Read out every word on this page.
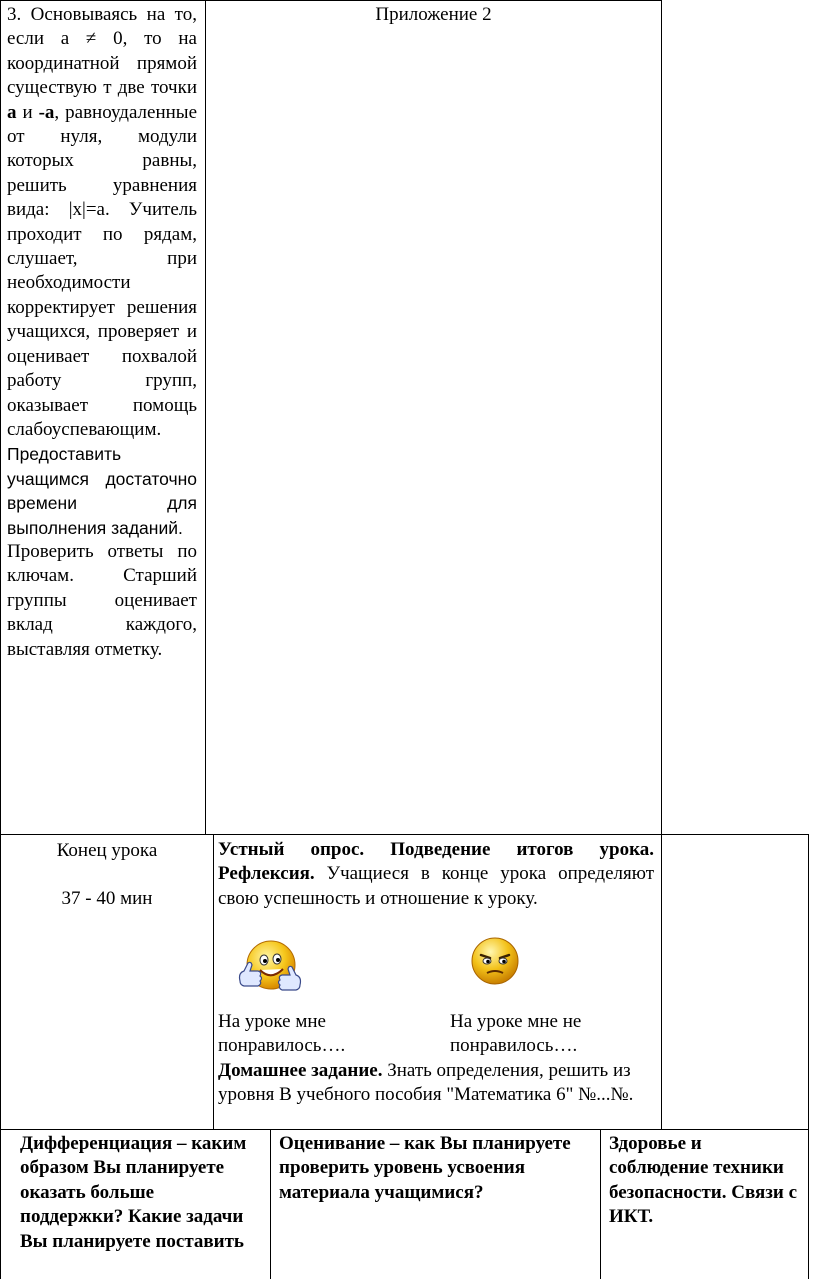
3. Основываясь на то, если a ≠ 0, то на координатной прямой существую т две точки а и -а, равноудаленные от нуля, модули которых равны, решить уравнения вида: |x|=a. Учитель проходит по рядам, слушает, при необходимости корректирует решения учащихся, проверяет и оценивает похвалой работу групп, оказывает помощь слабоуспевающим.
Предоставить учащимся достаточно времени для выполнения заданий.
Проверить ответы по ключам. Старший группы оценивает вклад каждого, выставляя отметку.
Приложение 2
Конец урока
37 - 40 мин
Устный опрос. Подведение итогов урока. Рефлексия. Учащиеся в конце урока определяют свою успешность и отношение к уроку.
На уроке мне понравилось….
На уроке мне не понравилось….
Домашнее задание. Знать определения, решить из уровня В учебного пособия "Математика 6" №...№.
Дифференциация – каким образом Вы планируете оказать больше поддержки? Какие задачи Вы планируете поставить
Оценивание – как Вы планируете проверить уровень усвоения материала учащимися?
Здоровье и соблюдение техники безопасности. Связи с ИКТ.
